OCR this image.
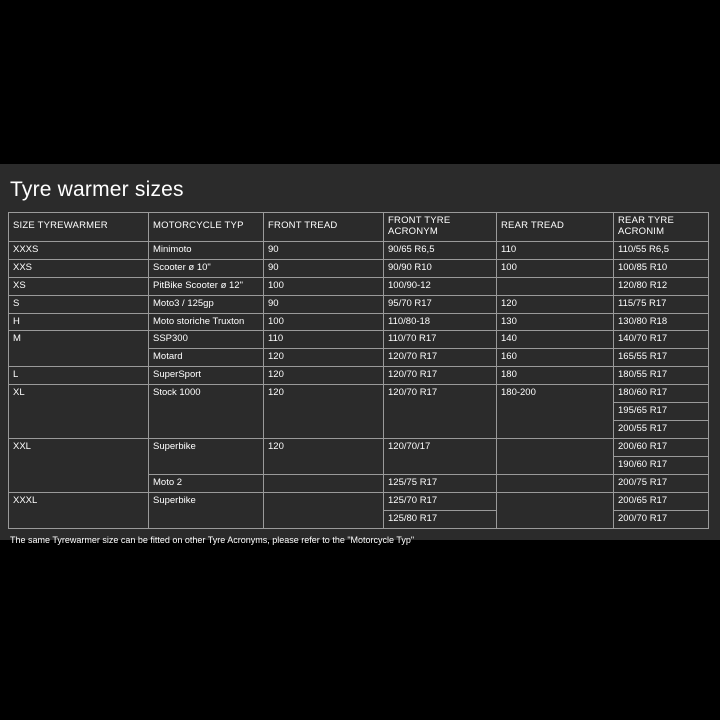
Tyre warmer sizes
SIZE TYREWARMER	MOTORCYCLE TYP	FRONT TREAD	FRONT TYRE ACRONYM	REAR TREAD	REAR TYRE ACRONIM
XXXS	Minimoto	90	90/65 R6,5	110	110/55 R6,5
XXS	Scooter ø 10"	90	90/90 R10	100	100/85 R10
XS	PitBike Scooter ø 12"	100	100/90-12		120/80 R12
S	Moto3 / 125gp	90	95/70 R17	120	115/75 R17
H	Moto storiche Truxton	100	110/80-18	130	130/80 R18
M	SSP300	110	110/70 R17	140	140/70 R17
	Motard	120	120/70 R17	160	165/55 R17
L	SuperSport	120	120/70 R17	180	180/55 R17
XL	Stock 1000	120	120/70 R17	180-200	180/60 R17
					195/65 R17
					200/55 R17
XXL	Superbike	120	120/70/17		200/60 R17
					190/60 R17
	Moto 2		125/75 R17		200/75 R17
XXXL	Superbike		125/70 R17		200/65 R17
			125/80 R17		200/70 R17
The same Tyrewarmer size can be fitted on other Tyre Acronyms, please refer to the "Motorcycle Typ"
